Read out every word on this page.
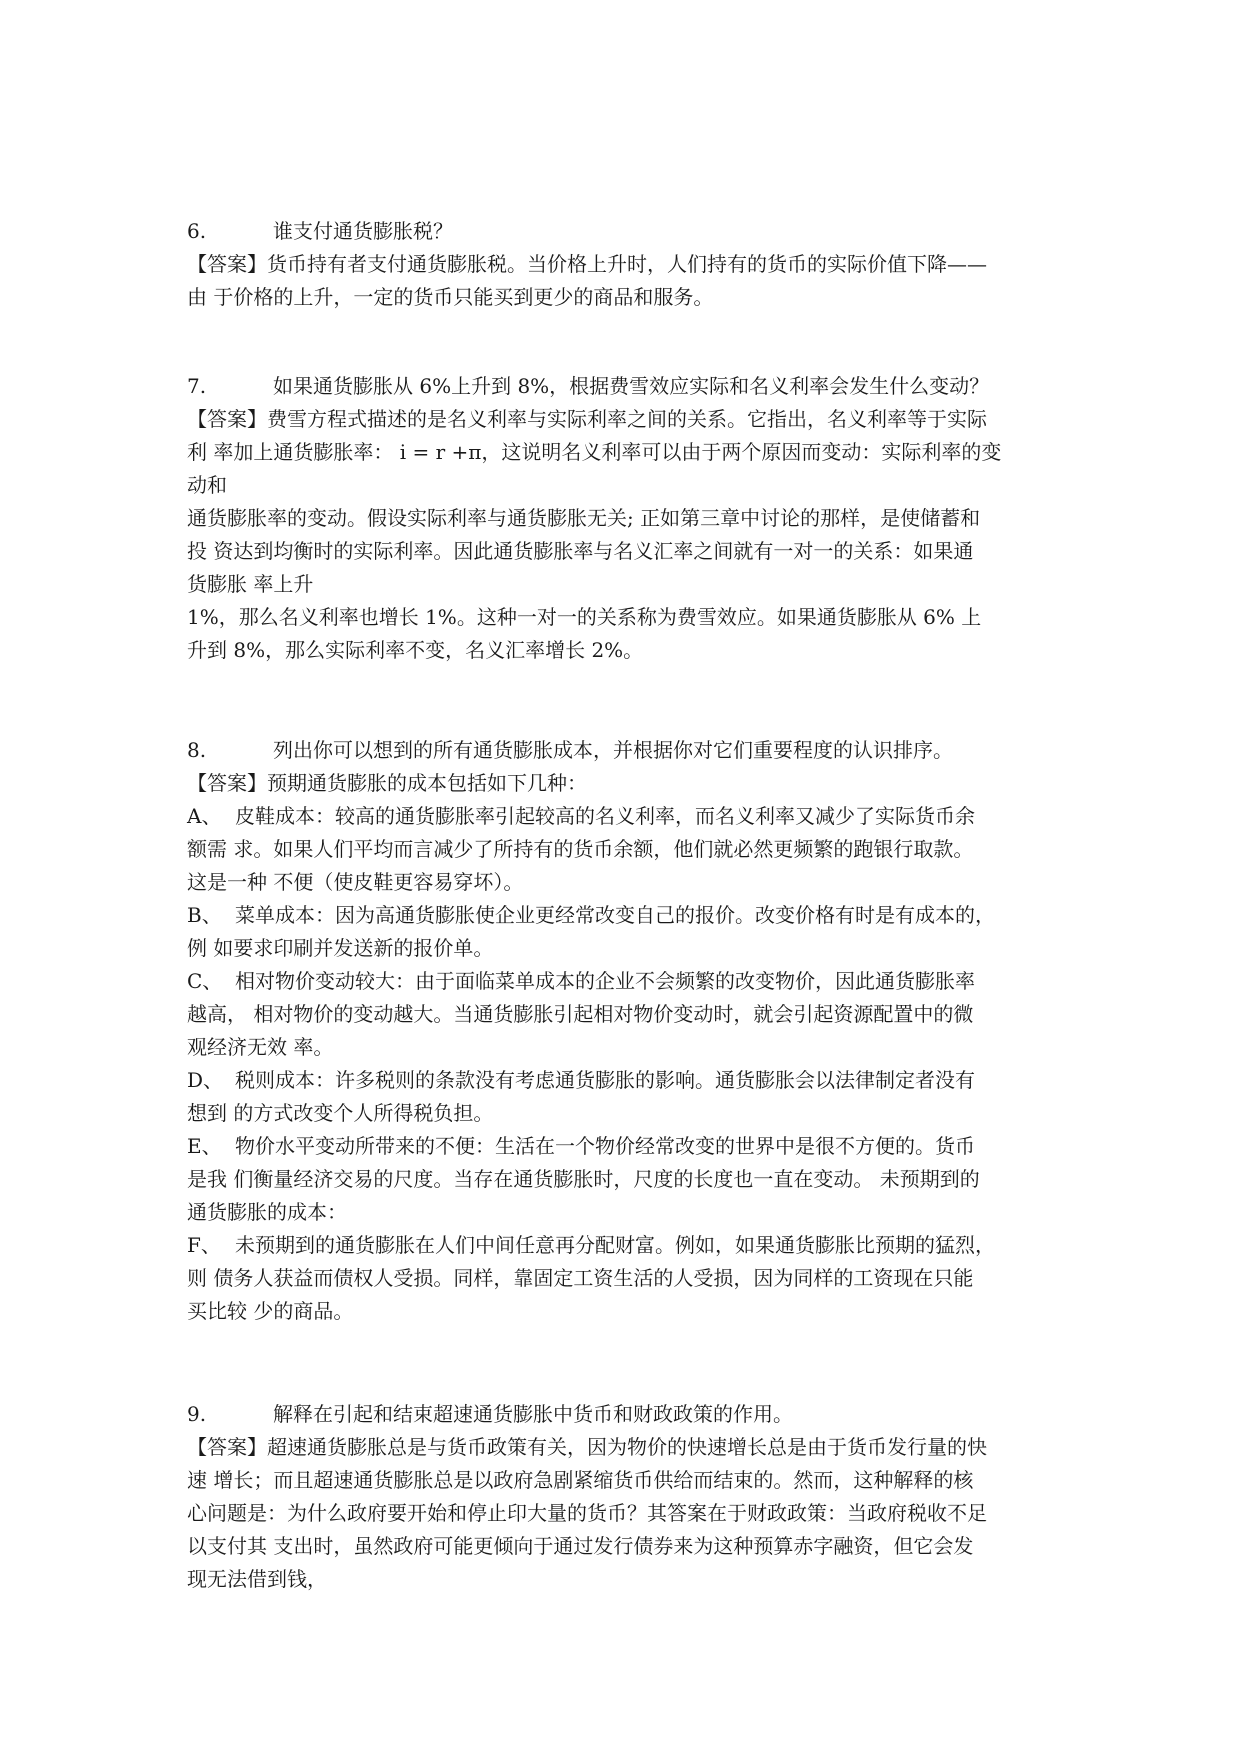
6.	谁支付通货膨胀税？

【答案】货币持有者支付通货膨胀税。当价格上升时，人们持有的货币的实际价值下降——

由 于价格的上升，一定的货币只能买到更少的商品和服务。

7.	如果通货膨胀从 6%上升到 8%，根据费雪效应实际和名义利率会发生什么变动？

【答案】费雪方程式描述的是名义利率与实际利率之间的关系。它指出，名义利率等于实际

利 率加上通货膨胀率： i = r +π，这说明名义利率可以由于两个原因而变动：实际利率的变

动和

通货膨胀率的变动。假设实际利率与通货膨胀无关; 正如第三章中讨论的那样，是使储蓄和

投 资达到均衡时的实际利率。因此通货膨胀率与名义汇率之间就有一对一的关系：如果通

货膨胀 率上升

1%，那么名义利率也增长 1%。这种一对一的关系称为费雪效应。如果通货膨胀从 6% 上

升到 8%，那么实际利率不变，名义汇率增长 2%。

8.	列出你可以想到的所有通货膨胀成本，并根据你对它们重要程度的认识排序。

【答案】预期通货膨胀的成本包括如下几种：

A、 皮鞋成本：较高的通货膨胀率引起较高的名义利率，而名义利率又减少了实际货币余

额需 求。如果人们平均而言减少了所持有的货币余额，他们就必然更频繁的跑银行取款。

这是一种 不便（使皮鞋更容易穿坏）。

B、 菜单成本：因为高通货膨胀使企业更经常改变自己的报价。改变价格有时是有成本的，

例 如要求印刷并发送新的报价单。

C、 相对物价变动较大：由于面临菜单成本的企业不会频繁的改变物价，因此通货膨胀率

越高， 相对物价的变动越大。当通货膨胀引起相对物价变动时，就会引起资源配置中的微

观经济无效 率。

D、 税则成本：许多税则的条款没有考虑通货膨胀的影响。通货膨胀会以法律制定者没有

想到 的方式改变个人所得税负担。

E、 物价水平变动所带来的不便：生活在一个物价经常改变的世界中是很不方便的。货币

是我 们衡量经济交易的尺度。当存在通货膨胀时，尺度的长度也一直在变动。 未预期到的

通货膨胀的成本：

F、 未预期到的通货膨胀在人们中间任意再分配财富。例如，如果通货膨胀比预期的猛烈，

则 债务人获益而债权人受损。同样，靠固定工资生活的人受损，因为同样的工资现在只能

买比较 少的商品。

9.	解释在引起和结束超速通货膨胀中货币和财政政策的作用。

【答案】超速通货膨胀总是与货币政策有关，因为物价的快速增长总是由于货币发行量的快

速 增长；而且超速通货膨胀总是以政府急剧紧缩货币供给而结束的。然而，这种解释的核

心问题是：为什么政府要开始和停止印大量的货币？其答案在于财政政策：当政府税收不足

以支付其 支出时，虽然政府可能更倾向于通过发行债券来为这种预算赤字融资，但它会发

现无法借到钱，
